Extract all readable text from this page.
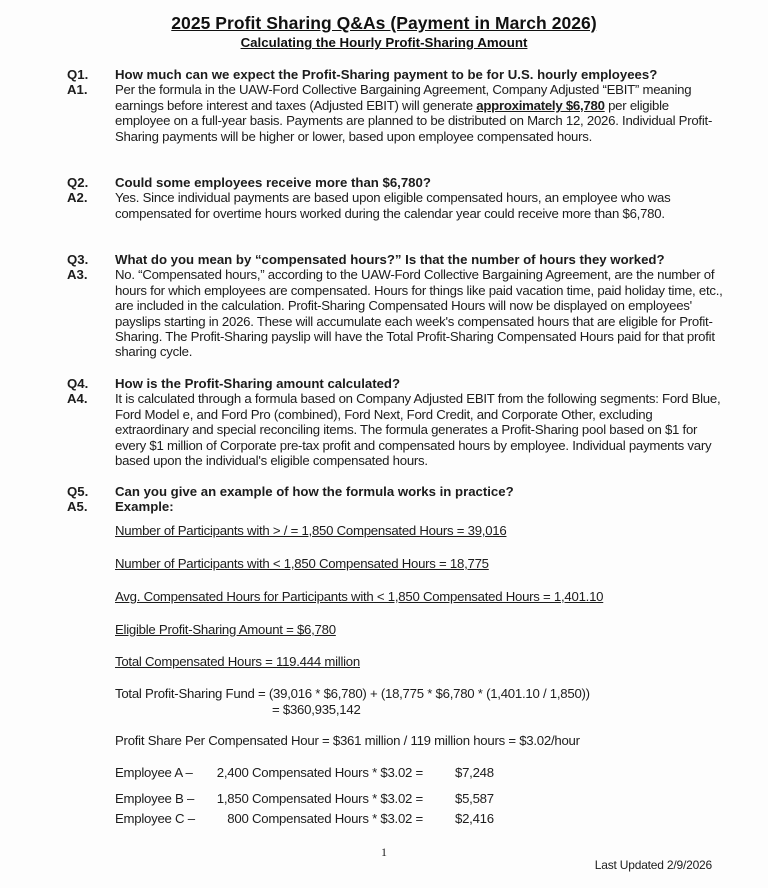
2025 Profit Sharing Q&As (Payment in March 2026)
Calculating the Hourly Profit-Sharing Amount
Q1.	How much can we expect the Profit-Sharing payment to be for U.S. hourly employees?
A1.	Per the formula in the UAW-Ford Collective Bargaining Agreement, Company Adjusted “EBIT” meaning earnings before interest and taxes (Adjusted EBIT) will generate approximately $6,780 per eligible employee on a full-year basis. Payments are planned to be distributed on March 12, 2026. Individual Profit-Sharing payments will be higher or lower, based upon employee compensated hours.
Q2.	Could some employees receive more than $6,780?
A2.	Yes. Since individual payments are based upon eligible compensated hours, an employee who was compensated for overtime hours worked during the calendar year could receive more than $6,780.
Q3.	What do you mean by “compensated hours?” Is that the number of hours they worked?
A3.	No. “Compensated hours,” according to the UAW-Ford Collective Bargaining Agreement, are the number of hours for which employees are compensated. Hours for things like paid vacation time, paid holiday time, etc., are included in the calculation. Profit-Sharing Compensated Hours will now be displayed on employees' payslips starting in 2026. These will accumulate each week's compensated hours that are eligible for Profit-Sharing. The Profit-Sharing payslip will have the Total Profit-Sharing Compensated Hours paid for that profit sharing cycle.
Q4.	How is the Profit-Sharing amount calculated?
A4.	It is calculated through a formula based on Company Adjusted EBIT from the following segments: Ford Blue, Ford Model e, and Ford Pro (combined), Ford Next, Ford Credit, and Corporate Other, excluding extraordinary and special reconciling items. The formula generates a Profit-Sharing pool based on $1 for every $1 million of Corporate pre-tax profit and compensated hours by employee. Individual payments vary based upon the individual's eligible compensated hours.
Q5.	Can you give an example of how the formula works in practice?
A5.	Example:
Number of Participants with > / = 1,850 Compensated Hours = 39,016
Number of Participants with < 1,850 Compensated Hours = 18,775
Avg. Compensated Hours for Participants with < 1,850 Compensated Hours = 1,401.10
Eligible Profit-Sharing Amount = $6,780
Total Compensated Hours = 119.444 million
Total Profit-Sharing Fund = (39,016 * $6,780) + (18,775 * $6,780 * (1,401.10 / 1,850))
= $360,935,142
Profit Share Per Compensated Hour = $361 million / 119 million hours = $3.02/hour
Employee A – 2,400 Compensated Hours * $3.02 = $7,248
Employee B – 1,850 Compensated Hours * $3.02 = $5,587
Employee C – 800 Compensated Hours * $3.02 = $2,416
1
Last Updated 2/9/2026
